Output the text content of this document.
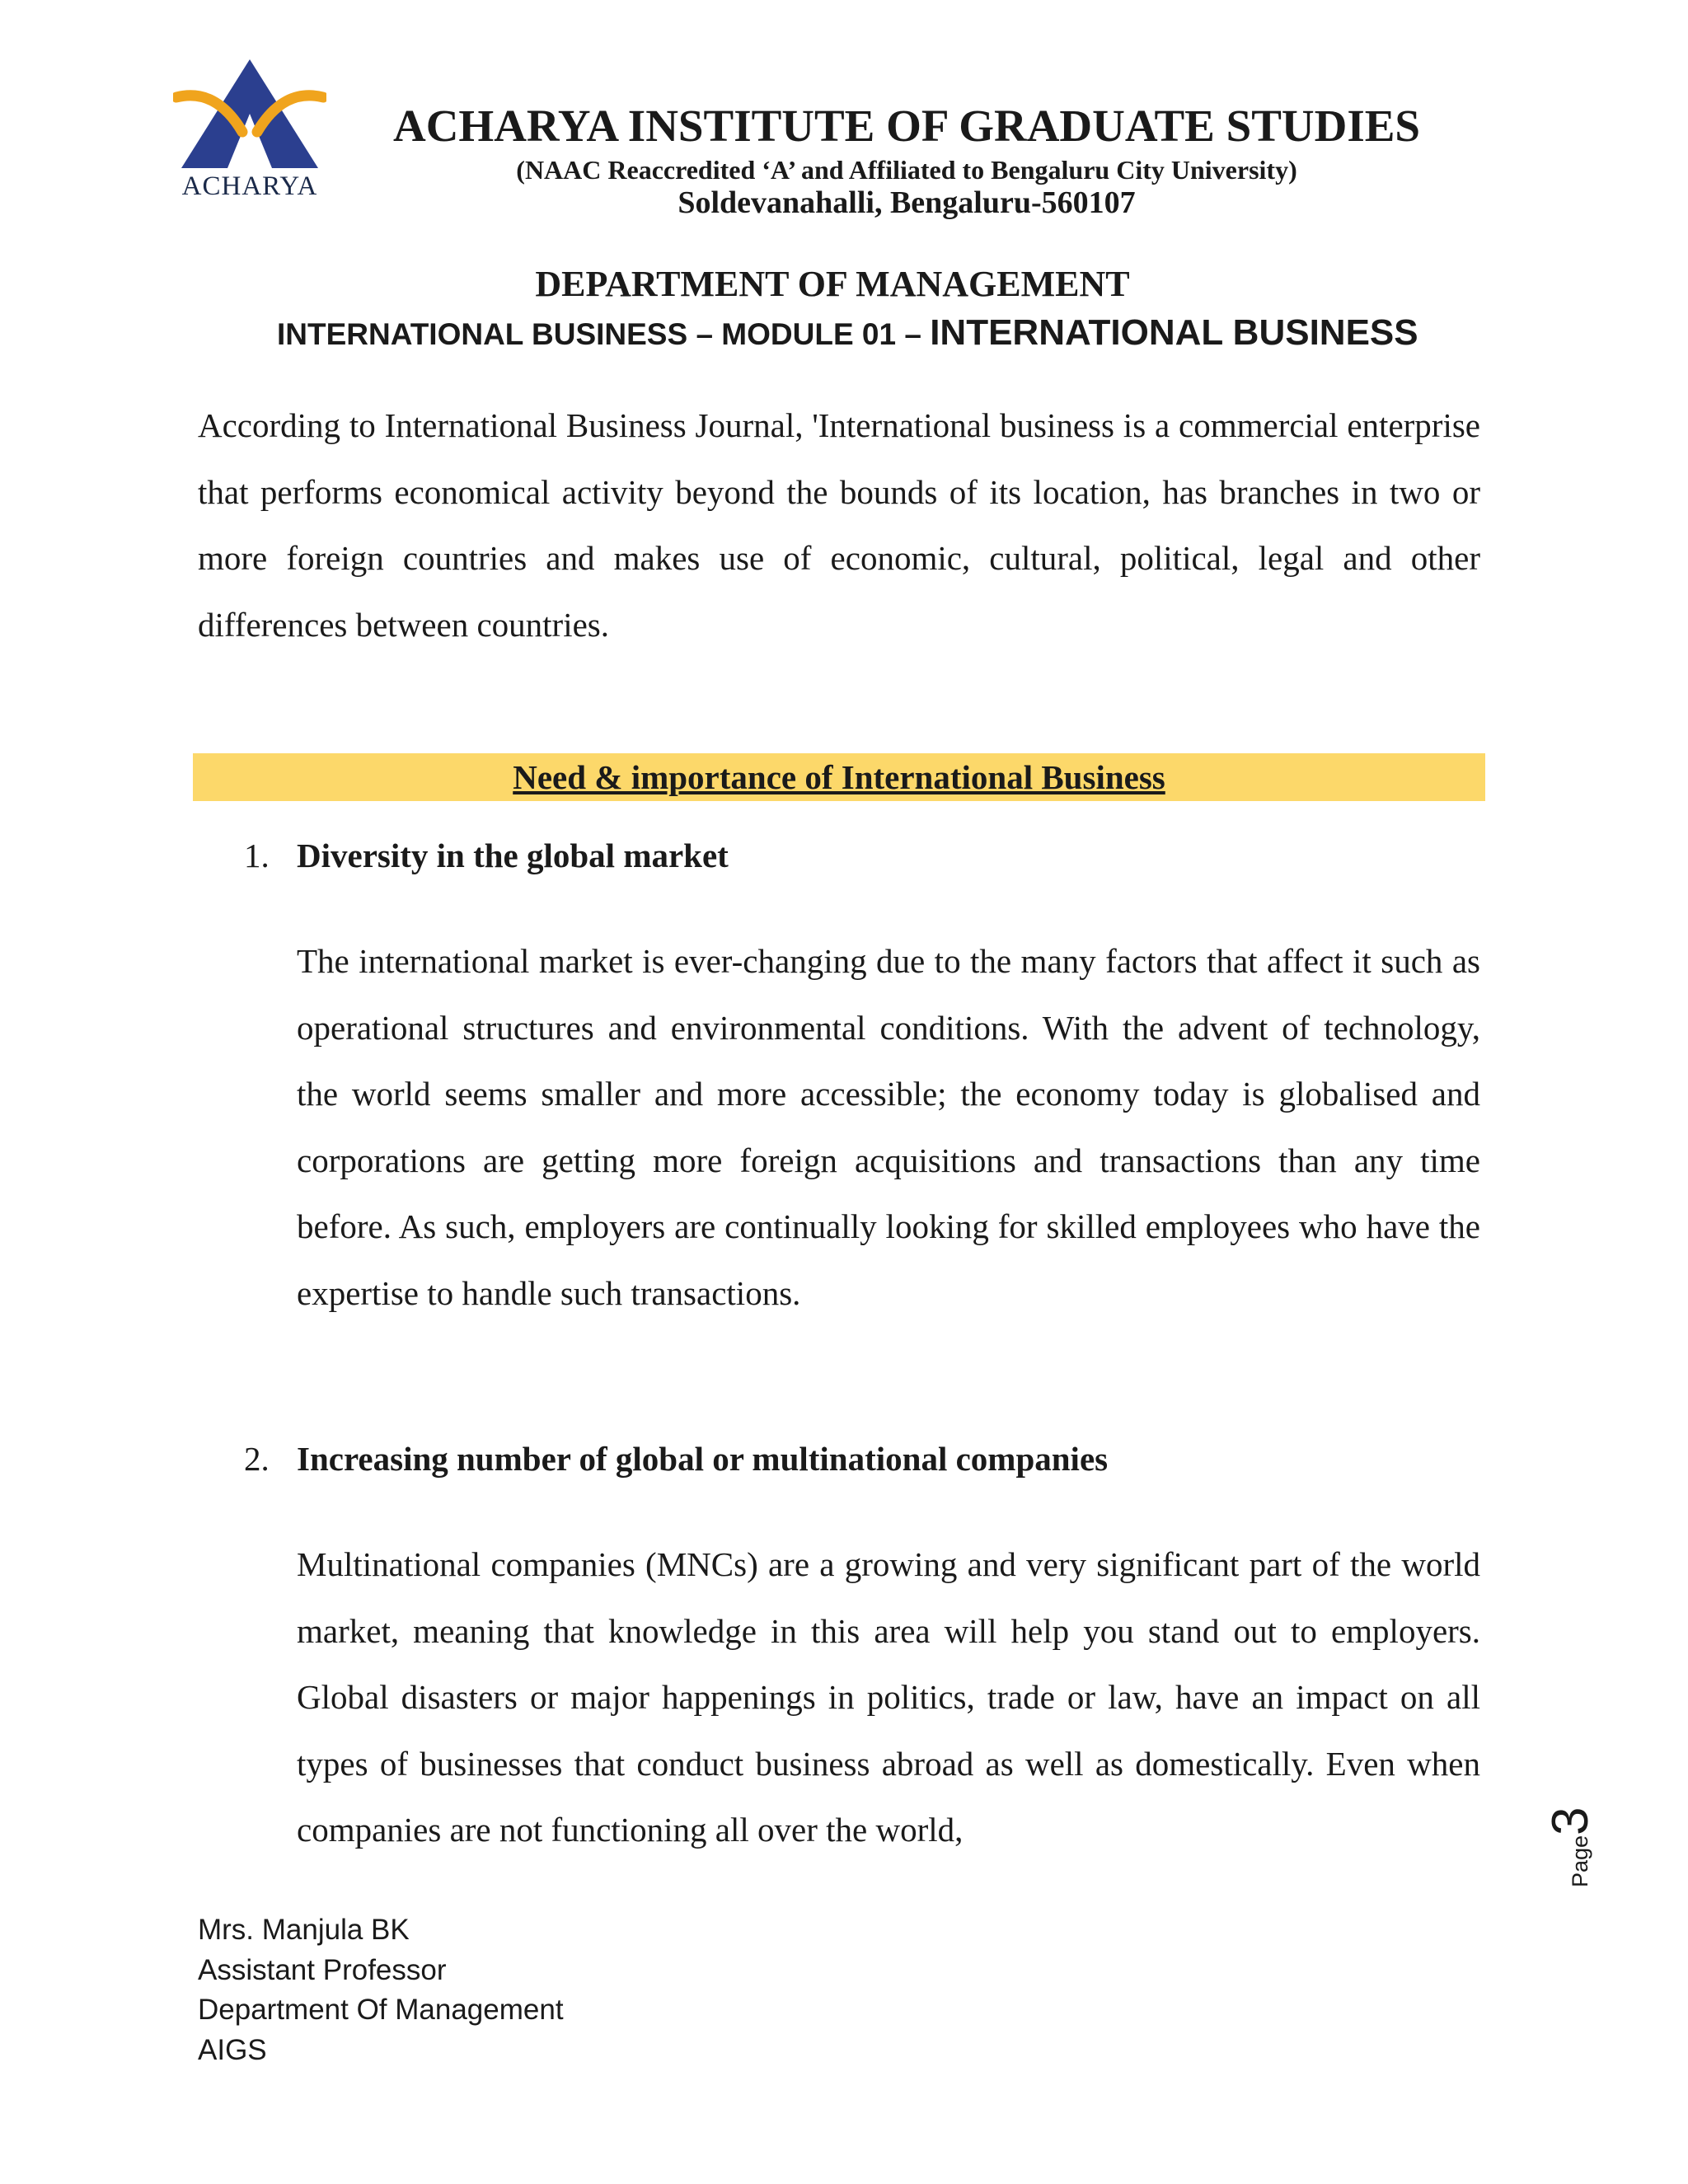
ACHARYA
ACHARYA INSTITUTE OF GRADUATE STUDIES
(NAAC Reaccredited ‘A’ and Affiliated to Bengaluru City University)
Soldevanahalli, Bengaluru-560107
DEPARTMENT OF MANAGEMENT
INTERNATIONAL BUSINESS – MODULE 01 – INTERNATIONAL BUSINESS
According to International Business Journal, 'International business is a commercial enterprise that performs economical activity beyond the bounds of its location, has branches in two or more foreign countries and makes use of economic, cultural, political, legal and other differences between countries.
Need & importance of International Business
1. Diversity in the global market
The international market is ever-changing due to the many factors that affect it such as operational structures and environmental conditions. With the advent of technology, the world seems smaller and more accessible; the economy today is globalised and corporations are getting more foreign acquisitions and transactions than any time before. As such, employers are continually looking for skilled employees who have the expertise to handle such transactions.
2. Increasing number of global or multinational companies
Multinational companies (MNCs) are a growing and very significant part of the world market, meaning that knowledge in this area will help you stand out to employers. Global disasters or major happenings in politics, trade or law, have an impact on all types of businesses that conduct business abroad as well as domestically. Even when companies are not functioning all over the world,
Page3
Mrs. Manjula BK
Assistant Professor
Department Of Management
AIGS
